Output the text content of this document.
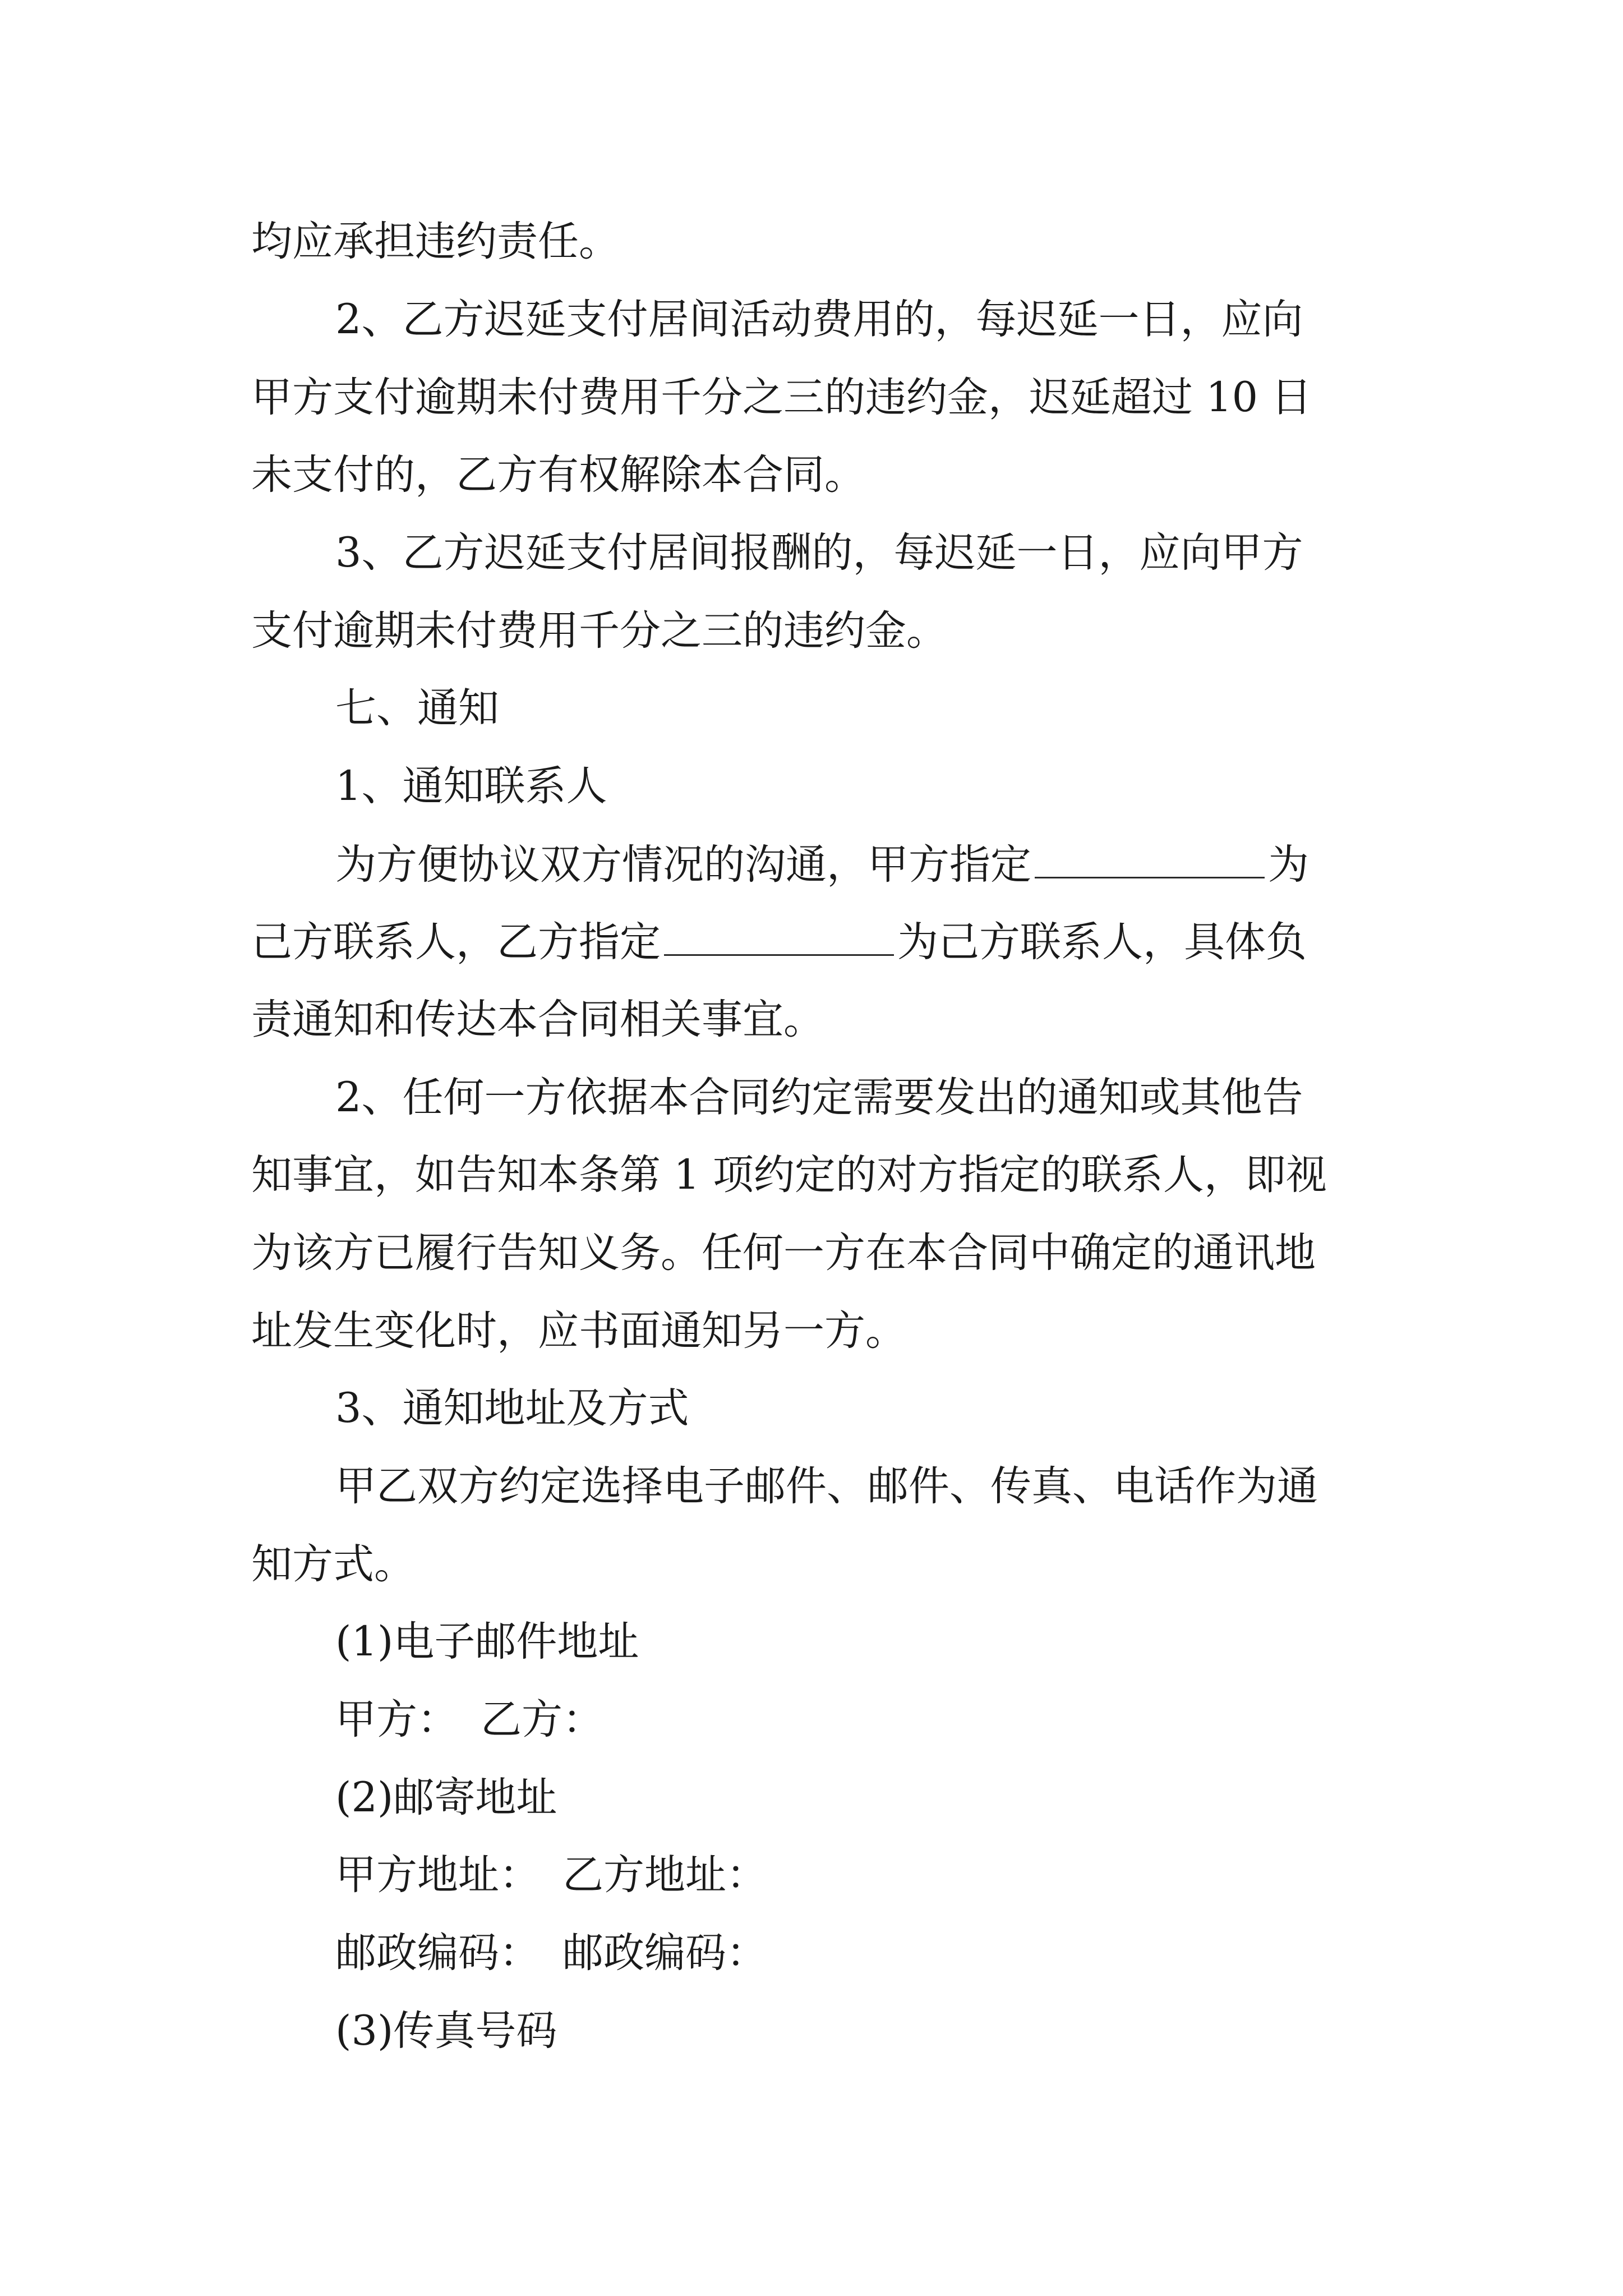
均应承担违约责任。
2、乙方迟延支付居间活动费用的，每迟延一日，应向
甲方支付逾期未付费用千分之三的违约金，迟延超过 10 日
未支付的，乙方有权解除本合同。
3、乙方迟延支付居间报酬的，每迟延一日，应向甲方
支付逾期未付费用千分之三的违约金。
七、通知
1、通知联系人
为方便协议双方情况的沟通，甲方指定	为
己方联系人，乙方指定	为己方联系人，具体负
责通知和传达本合同相关事宜。
2、任何一方依据本合同约定需要发出的通知或其他告
知事宜，如告知本条第 1 项约定的对方指定的联系人，即视
为该方已履行告知义务。任何一方在本合同中确定的通讯地
址发生变化时，应书面通知另一方。
3、通知地址及方式
甲乙双方约定选择电子邮件、邮件、传真、电话作为通
知方式。
(1)电子邮件地址
甲方： 乙方：
(2)邮寄地址
甲方地址： 乙方地址：
邮政编码： 邮政编码：
(3)传真号码
